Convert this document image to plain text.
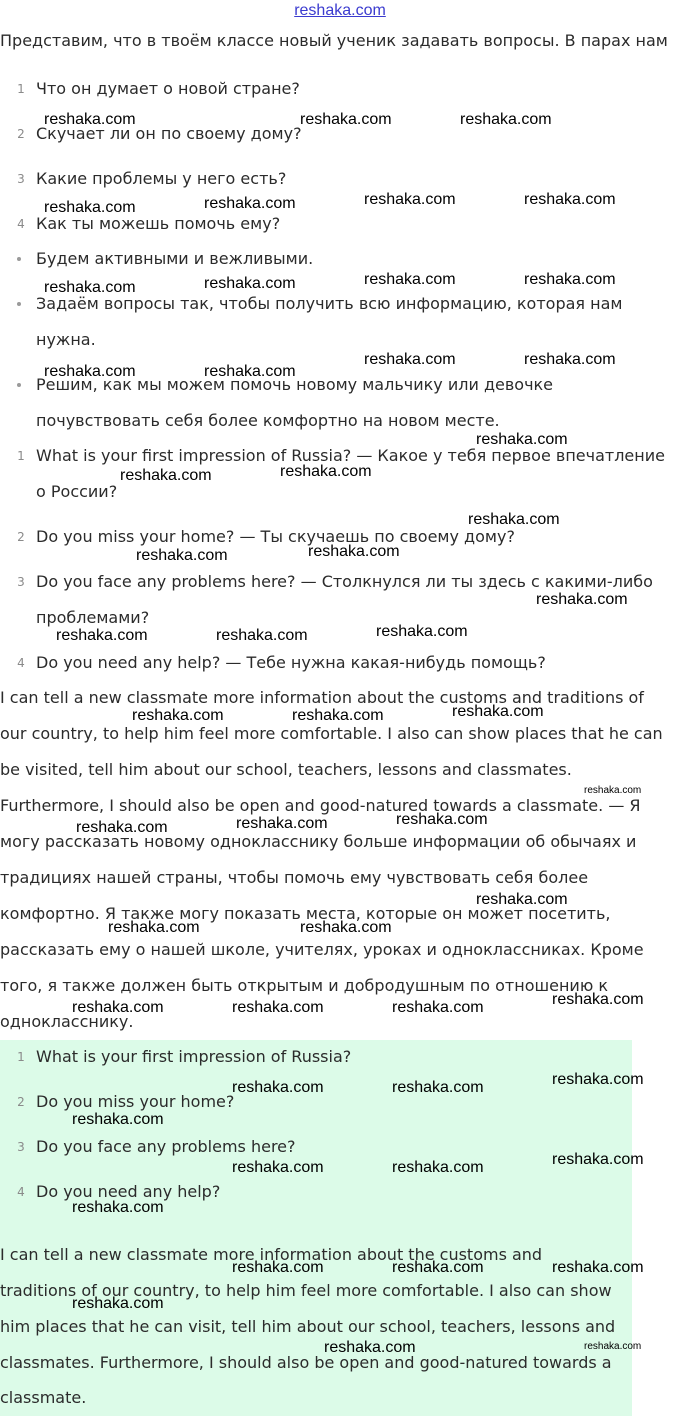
reshaka.com
Представим, что в твоём классе новый ученик задавать вопросы. В парах нам
1 Что он думает о новой стране?
2 Скучает ли он по своему дому?
3 Какие проблемы у него есть?
4 Как ты можешь помочь ему?
Будем активными и вежливыми.
Задаём вопросы так, чтобы получить всю информацию, которая нам
нужна.
Решим, как мы можем помочь новому мальчику или девочке
почувствовать себя более комфортно на новом месте.
1 What is your first impression of Russia? — Какое у тебя первое впечатление
о России?
2 Do you miss your home? — Ты скучаешь по своему дому?
3 Do you face any problems here? — Столкнулся ли ты здесь с какими-либо
проблемами?
4 Do you need any help? — Тебе нужна какая-нибудь помощь?
I can tell a new classmate more information about the customs and traditions of
our country, to help him feel more comfortable. I also can show places that he can
be visited, tell him about our school, teachers, lessons and classmates.
Furthermore, I should also be open and good-natured towards a classmate. — Я
могу рассказать новому однокласснику больше информации об обычаях и
традициях нашей страны, чтобы помочь ему чувствовать себя более
комфортно. Я также могу показать места, которые он может посетить,
рассказать ему о нашей школе, учителях, уроках и одноклассниках. Кроме
того, я также должен быть открытым и добродушным по отношению к
однокласснику.
1 What is your first impression of Russia?
2 Do you miss your home?
3 Do you face any problems here?
4 Do you need any help?
I can tell a new classmate more information about the customs and
traditions of our country, to help him feel more comfortable. I also can show
him places that he can visit, tell him about our school, teachers, lessons and
classmates. Furthermore, I should also be open and good-natured towards a
classmate.
reshaka.com	reshaka.com	reshaka.com
reshaka.com	reshaka.com	reshaka.com	reshaka.com
reshaka.com	reshaka.com	reshaka.com	reshaka.com
reshaka.com	reshaka.com
reshaka.com	reshaka.com
reshaka.com
reshaka.com	reshaka.com
reshaka.com
reshaka.com	reshaka.com
reshaka.com
reshaka.com	reshaka.com	reshaka.com
reshaka.com	reshaka.com	reshaka.com
reshaka.com
reshaka.com	reshaka.com	reshaka.com
reshaka.com
reshaka.com	reshaka.com
reshaka.com
reshaka.com	reshaka.com	reshaka.com
reshaka.com
reshaka.com	reshaka.com
reshaka.com
reshaka.com
reshaka.com	reshaka.com
reshaka.com
reshaka.com	reshaka.com	reshaka.com
reshaka.com
reshaka.com	reshaka.com
